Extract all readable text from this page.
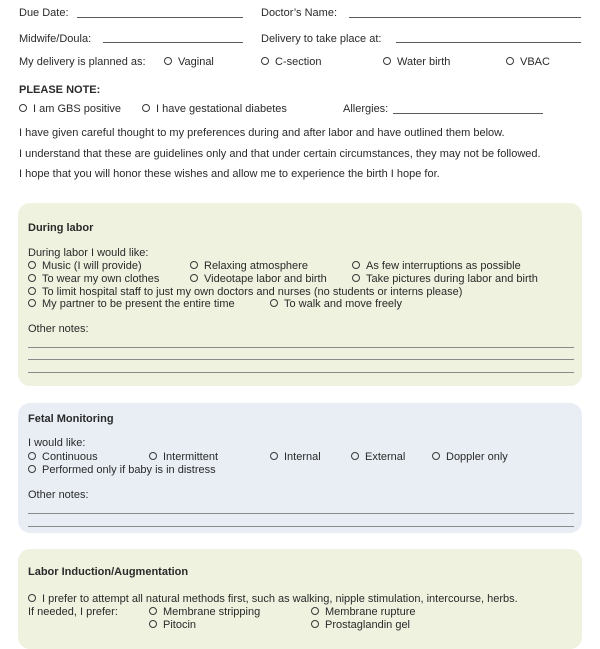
Due Date:	Doctor’s Name:
Midwife/Doula:	Delivery to take place at:
My delivery is planned as:	Vaginal	C-section	Water birth	VBAC
PLEASE NOTE:
I am GBS positive	I have gestational diabetes	Allergies:
I have given careful thought to my preferences during and after labor and have outlined them below.
I understand that these are guidelines only and that under certain circumstances, they may not be followed.
I hope that you will honor these wishes and allow me to experience the birth I hope for.
During labor
During labor I would like:
Music (I will provide)	Relaxing atmosphere	As few interruptions as possible
To wear my own clothes	Videotape labor and birth	Take pictures during labor and birth
To limit hospital staff to just my own doctors and nurses (no students or interns please)
My partner to be present the entire time	To walk and move freely
Other notes:
Fetal Monitoring
I would like:
Continuous	Intermittent	Internal	External	Doppler only
Performed only if baby is in distress
Other notes:
Labor Induction/Augmentation
I prefer to attempt all natural methods first, such as walking, nipple stimulation, intercourse, herbs.
If needed, I prefer:	Membrane stripping	Membrane rupture
Pitocin	Prostaglandin gel
